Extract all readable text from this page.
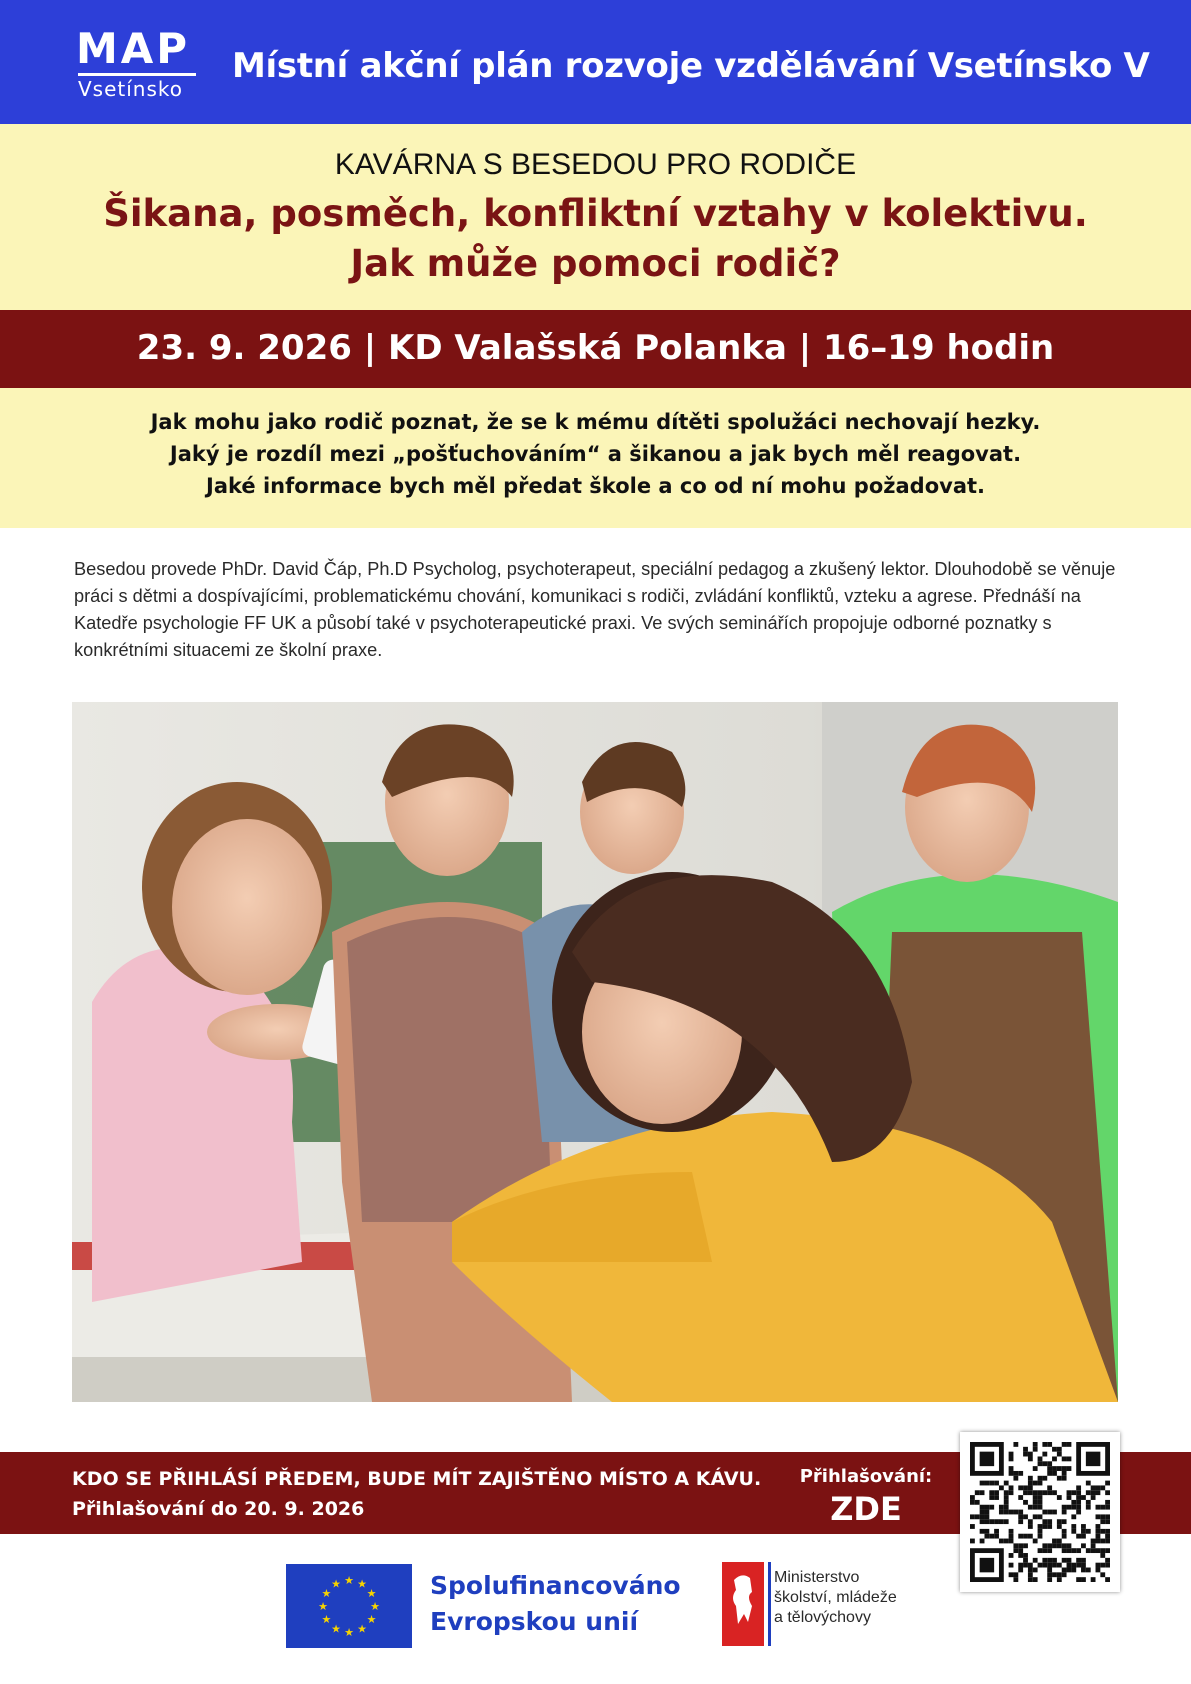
MAP
Vsetínsko
Místní akční plán rozvoje vzdělávání Vsetínsko V
KAVÁRNA S BESEDOU PRO RODIČE
Šikana, posměch, konfliktní vztahy v kolektivu.
Jak může pomoci rodič?
23. 9. 2026 | KD Valašská Polanka | 16–19 hodin
Jak mohu jako rodič poznat, že se k mému dítěti spolužáci nechovají hezky.
Jaký je rozdíl mezi „pošťuchováním“ a šikanou a jak bych měl reagovat.
Jaké informace bych měl předat škole a co od ní mohu požadovat.
Besedou provede PhDr. David Čáp, Ph.D Psycholog, psychoterapeut, speciální pedagog a zkušený lektor. Dlouhodobě se věnuje práci s dětmi a dospívajícími, problematickému chování, komunikaci s rodiči, zvládání konfliktů, vzteku a agrese. Přednáší na Katedře psychologie FF UK a působí také v psychoterapeutické praxi. Ve svých seminářích propojuje odborné poznatky s konkrétními situacemi ze školní praxe.
KDO SE PŘIHLÁSÍ PŘEDEM, BUDE MÍT ZAJIŠTĚNO MÍSTO A KÁVU.
Přihlašování do 20. 9. 2026
Přihlašování:
ZDE
★ ★
★
★
★
★
★
★
★
★
★
★	Spolufinancováno
Evropskou unií
Ministerstvo
školství, mládeže
a tělovýchovy
